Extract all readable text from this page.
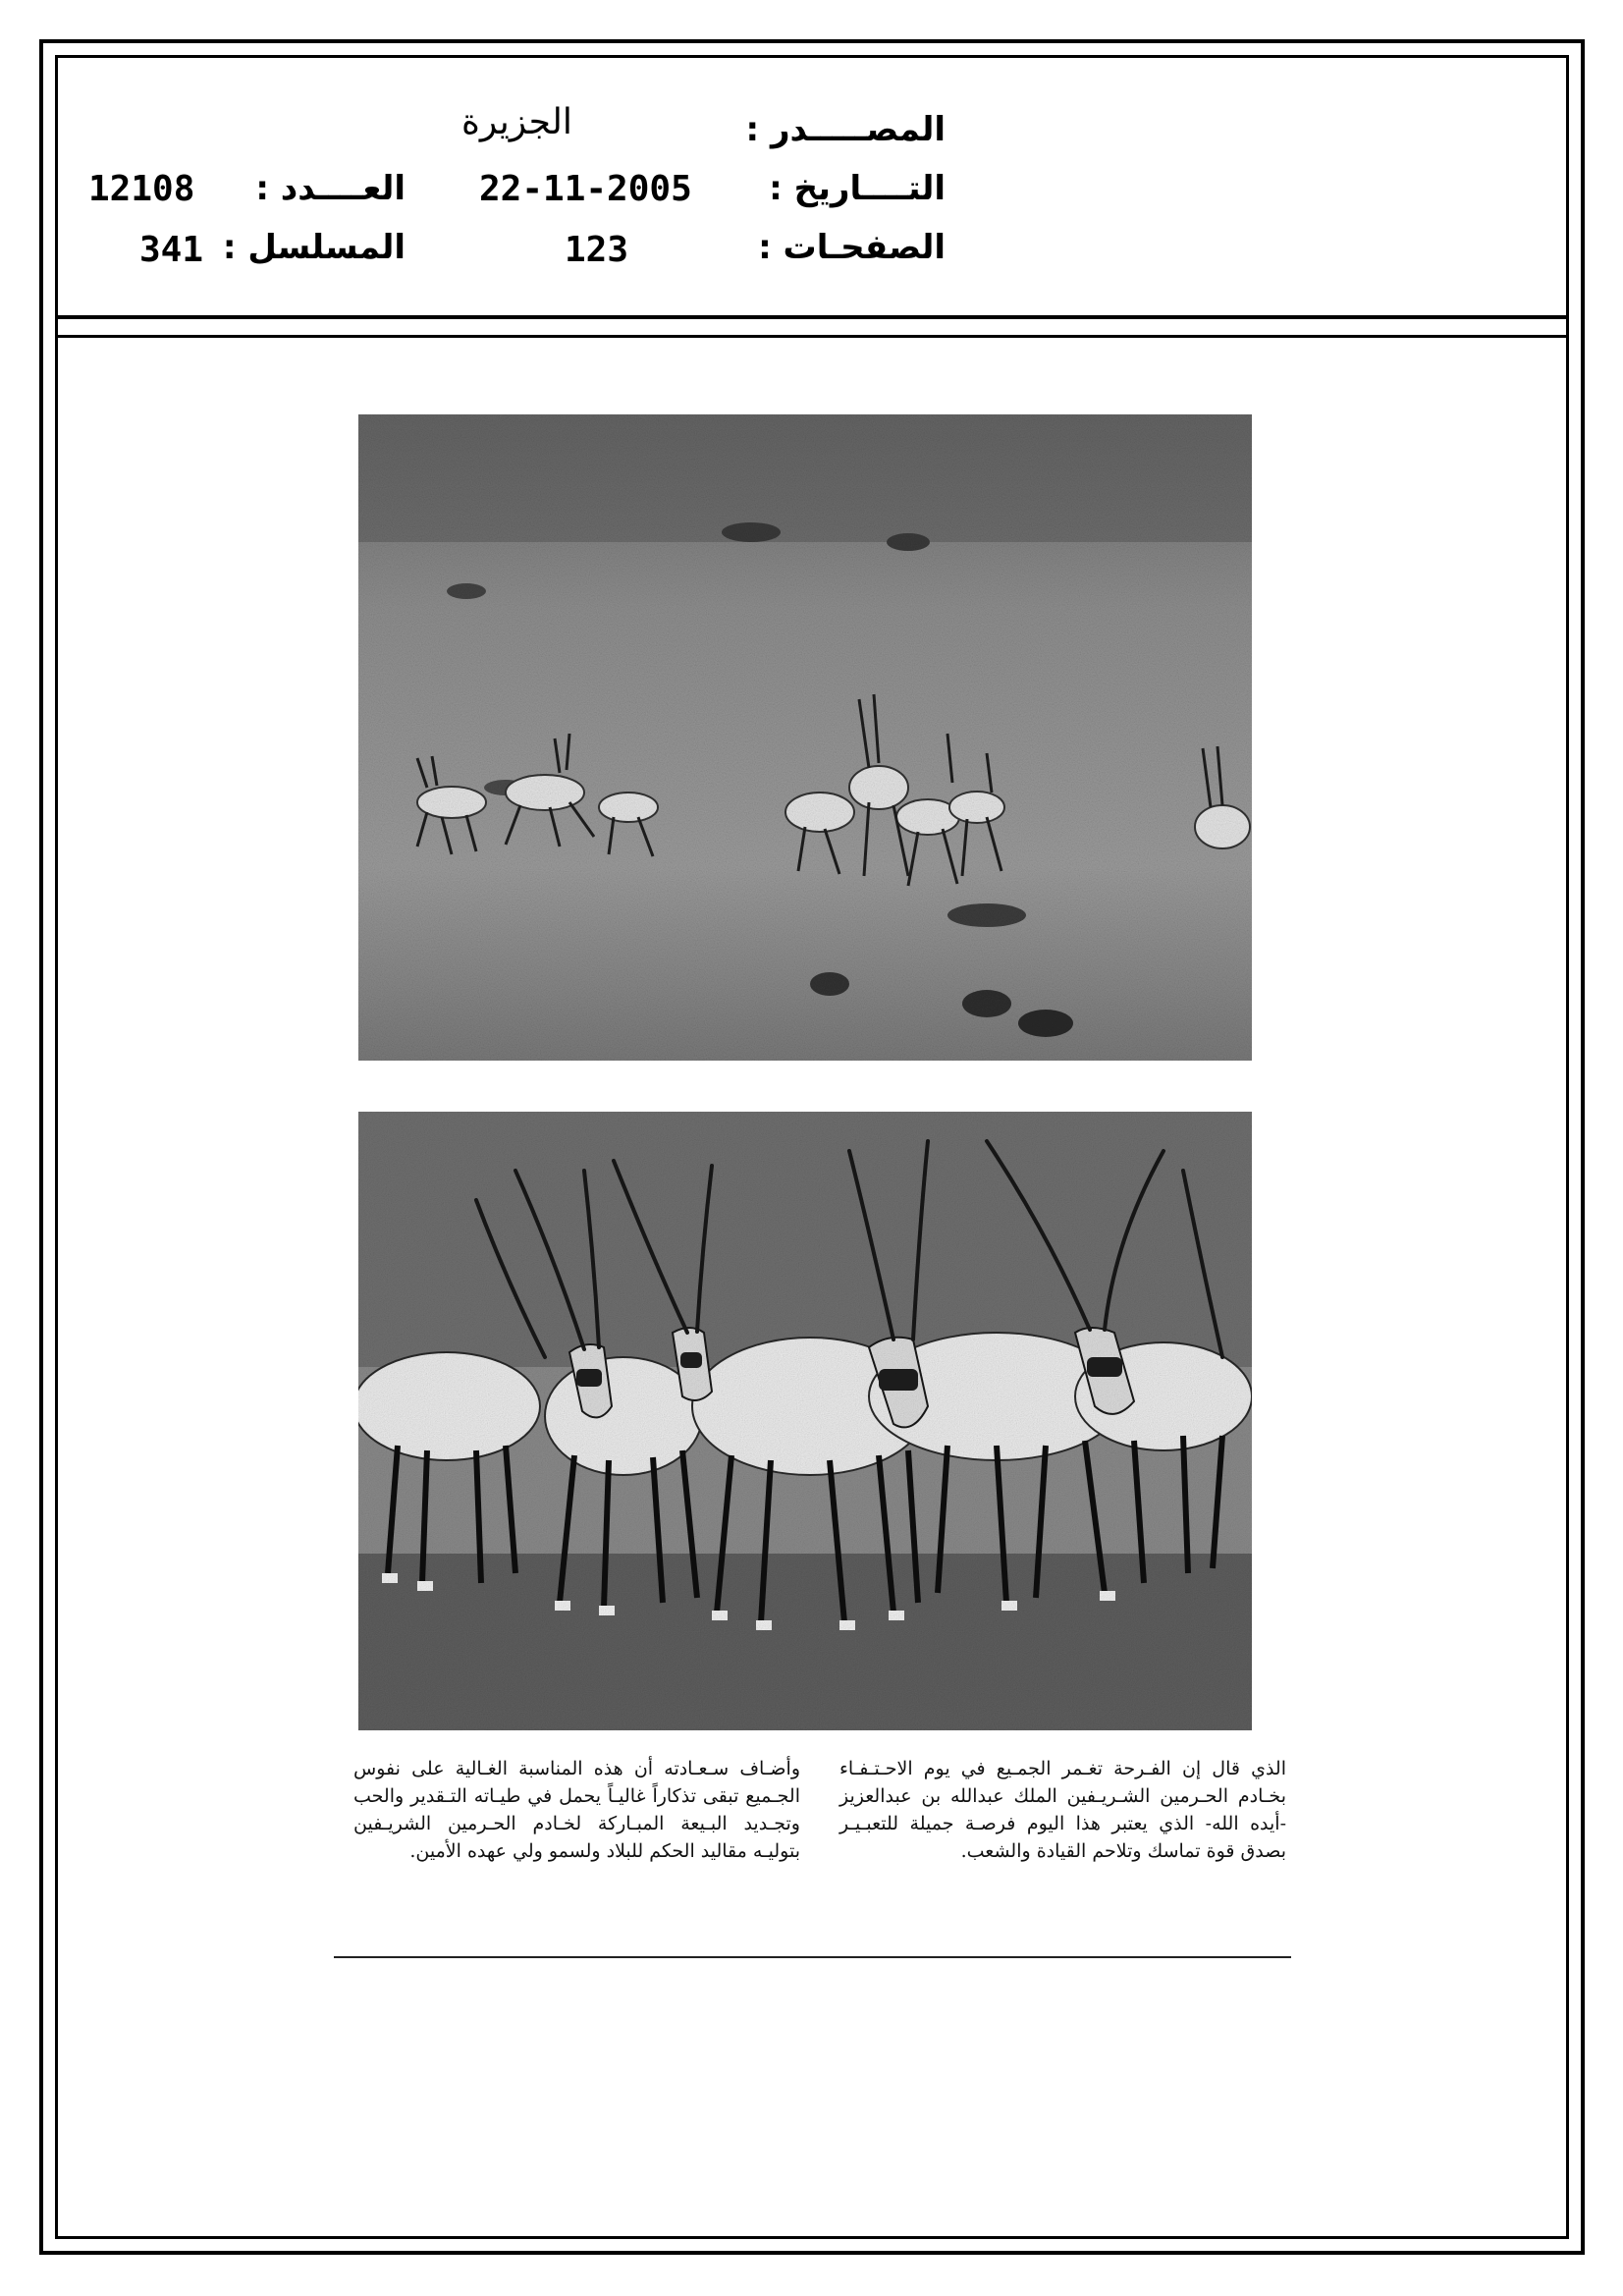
المصـــــدر :
الجزيرة
التــــاريخ :
22-11-2005
الصفحـات :
123
العــــدد :
12108
المسلسل :
341

الذي قال إن الفـرحة تغـمر الجمـيع في يوم الاحـتـفـاء بخـادم الحـرمين الشـريـفين الملك عبدالله بن عبدالعزيز -أيده الله- الذي يعتبر هذا اليوم فرصـة جميلة للتعبـيـر بصدق قوة تماسك وتلاحم القيادة والشعب.

وأضـاف سـعـادته أن هذه المناسبة الغـالية على نفوس الجـميع تبقى تذكاراً غاليـاً يحمل في طيـاته التـقدير والحب وتجـديد البـيعة المبـاركة لخـادم الحـرمين الشريـفين بتوليـه مقاليد الحكم للبلاد ولسمو ولي عهده الأمين.
